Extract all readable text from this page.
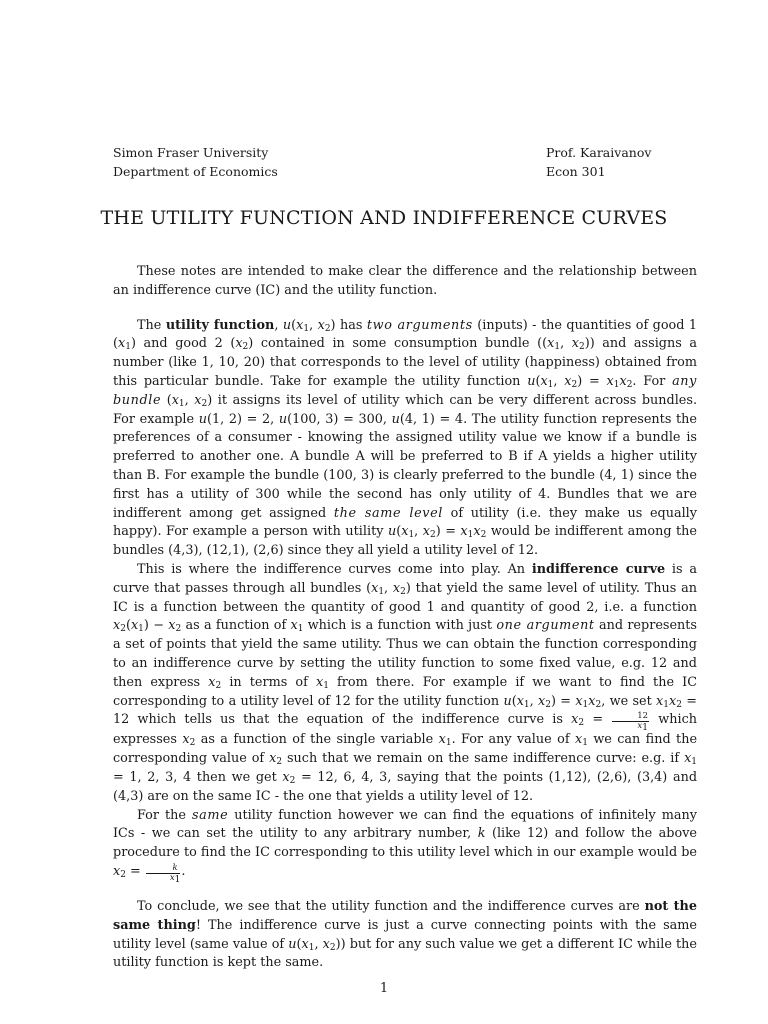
Simon Fraser University	Prof. Karaivanov
Department of Economics	Econ 301
THE UTILITY FUNCTION AND INDIFFERENCE CURVES

These notes are intended to make clear the difference and the relationship between an indifference curve (IC) and the utility function.

The utility function, $u(x_1$, $x_2$) has two arguments (inputs) - the quantities of good 1 $(x_1)$ and good 2 $(x_2)$ contained in some consumption bundle (($x_1$, $x_2$)) and assigns a number (like 1, 10, 20) that corresponds to the level of utility (happiness) obtained from this particular bundle. Take for example the utility function $u(x_1$, $x_2) = x_1x_2$. For any bundle ($x_1$, $x_2$) it assigns its level of utility which can be very different across bundles. For example u(1, 2) = 2, u(100, 3) = 300, u(4, 1) = 4. The utility function represents the preferences of a consumer - knowing the assigned utility value we know if a bundle is preferred to another one. A bundle A will be preferred to B if A yields a higher utility than B. For example the bundle (100, 3) is clearly preferred to the bundle (4, 1) since the first has a utility of 300 while the second has only utility of 4. Bundles that we are indifferent among get assigned the same level of utility (i.e. they make us equally happy). For example a person with utility $u(x_1$, $x_2) = x_1x_2$ would be indifferent among the bundles (4,3), (12,1), (2,6) since they all yield a utility level of 12.

This is where the indifference curves come into play. An indifference curve is a curve that passes through all bundles ($x_1$, $x_2$) that yield the same level of utility. Thus an IC is a function between the quantity of good 1 and quantity of good 2, i.e. a function $x_2(x_1) - x_2$ as a function of $x_1$ which is a function with just one argument and represents a set of points that yield the same utility. Thus we can obtain the function corresponding to an indifference curve by setting the utility function to some fixed value, e.g. 12 and then express $x_2$ in terms of $x_1$ from there. For example if we want to find the IC corresponding to a utility level of 12 for the utility function $u(x_1$, $x_2) = x_1x_2$, we set $x_1x_2 = 12$ which tells us that the equation of the indifference curve is $x_2 = \frac{12}{x_1}$ which expresses $x_2$ as a function of the single variable $x_1$. For any value of $x_1$ we can find the corresponding value of $x_2$ such that we remain on the same indifference curve: e.g. if $x_1 = 1$, 2, 3, 4 then we get $x_2 = 12$, 6, 4, 3, saying that the points (1,12), (2,6), (3,4) and (4,3) are on the same IC - the one that yields a utility level of 12.

For the same utility function however we can find the equations of infinitely many ICs - we can set the utility to any arbitrary number, k (like 12) and follow the above procedure to find the IC corresponding to this utility level which in our example would be $x_2 = \frac{k}{x_1}$ .

To conclude, we see that the utility function and the indifference curves are not the same thing! The indifference curve is just a curve connecting points with the same utility level (same value of $u(x_1$, $x_2$)) but for any such value we get a different IC while the utility function is kept the same.

1
